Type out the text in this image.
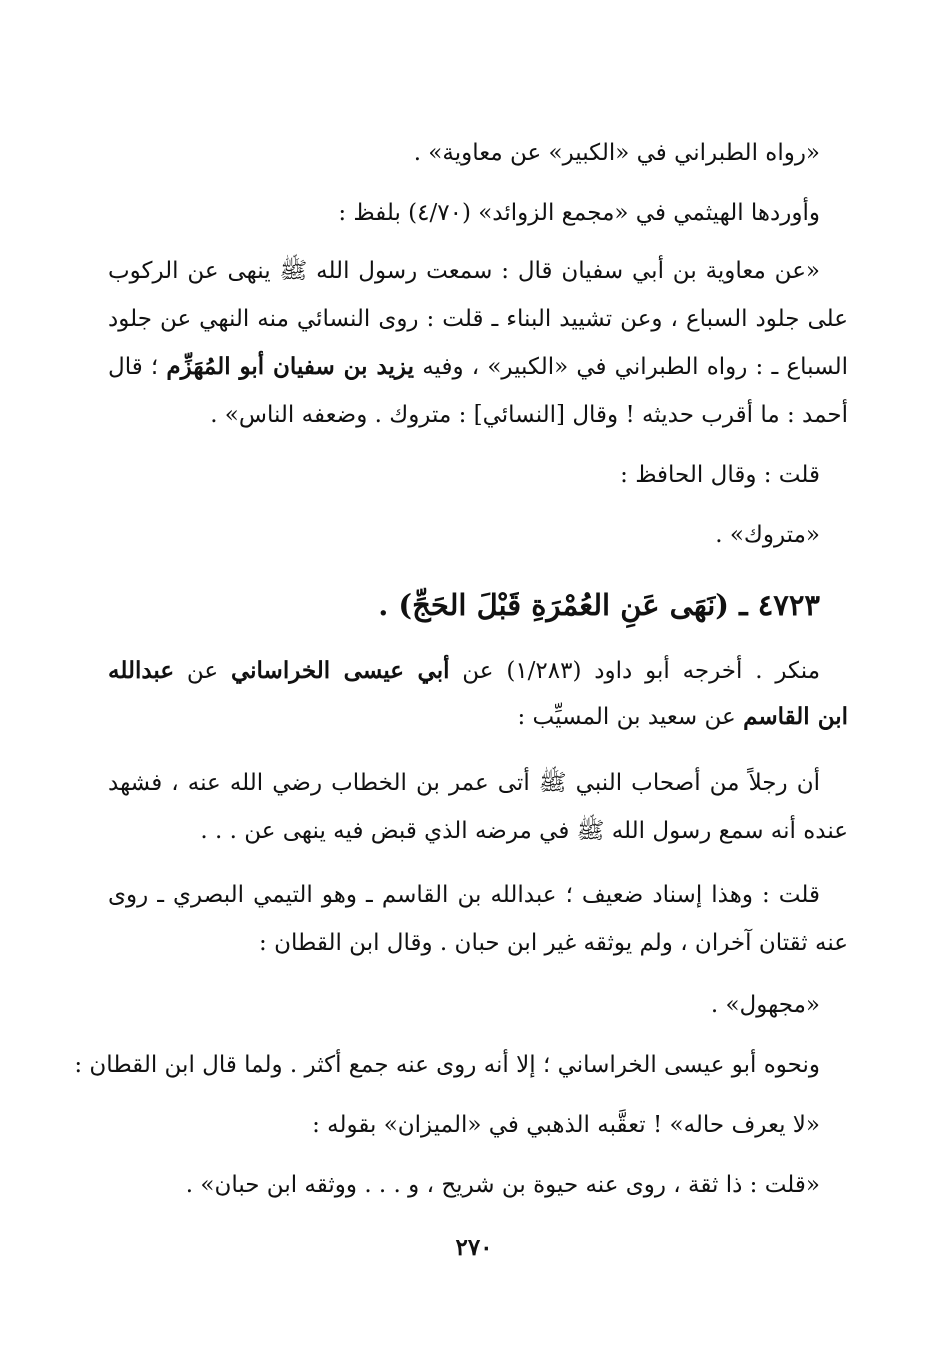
«رواه الطبراني في «الكبير» عن معاوية» .
وأوردها الهيثمي في «مجمع الزوائد» (٤/٧٠) بلفظ :
«عن معاوية بن أبي سفيان قال : سمعت رسول الله ﷺ ينهى عن الركوب
على جلود السباع ، وعن تشييد البناء ـ قلت : روى النسائي منه النهي عن جلود
السباع ـ : رواه الطبراني في «الكبير» ، وفيه يزيد بن سفيان أبو المُهَزِّم ؛ قال
أحمد : ما أقرب حديثه ! وقال [النسائي] : متروك . وضعفه الناس» .
قلت : وقال الحافظ :
«متروك» .
٤٧٢٣ ـ (نَهَى عَنِ العُمْرَةِ قَبْلَ الحَجِّ) .
منكر . أخرجه أبو داود (١/٢٨٣) عن أبي عيسى الخراساني عن عبدالله
ابن القاسم عن سعيد بن المسيِّب :
أن رجلاً من أصحاب النبي ﷺ أتى عمر بن الخطاب رضي الله عنه ، فشهد
عنده أنه سمع رسول الله ﷺ في مرضه الذي قبض فيه ينهى عن . . .
قلت : وهذا إسناد ضعيف ؛ عبدالله بن القاسم ـ وهو التيمي البصري ـ روى
عنه ثقتان آخران ، ولم يوثقه غير ابن حبان . وقال ابن القطان :
«مجهول» .
ونحوه أبو عيسى الخراساني ؛ إلا أنه روى عنه جمع أكثر . ولما قال ابن القطان :
«لا يعرف حاله» ! تعقَّبه الذهبي في «الميزان» بقوله :
«قلت : ذا ثقة ، روى عنه حيوة بن شريح ، و . . . ووثقه ابن حبان» .
٢٧٠
